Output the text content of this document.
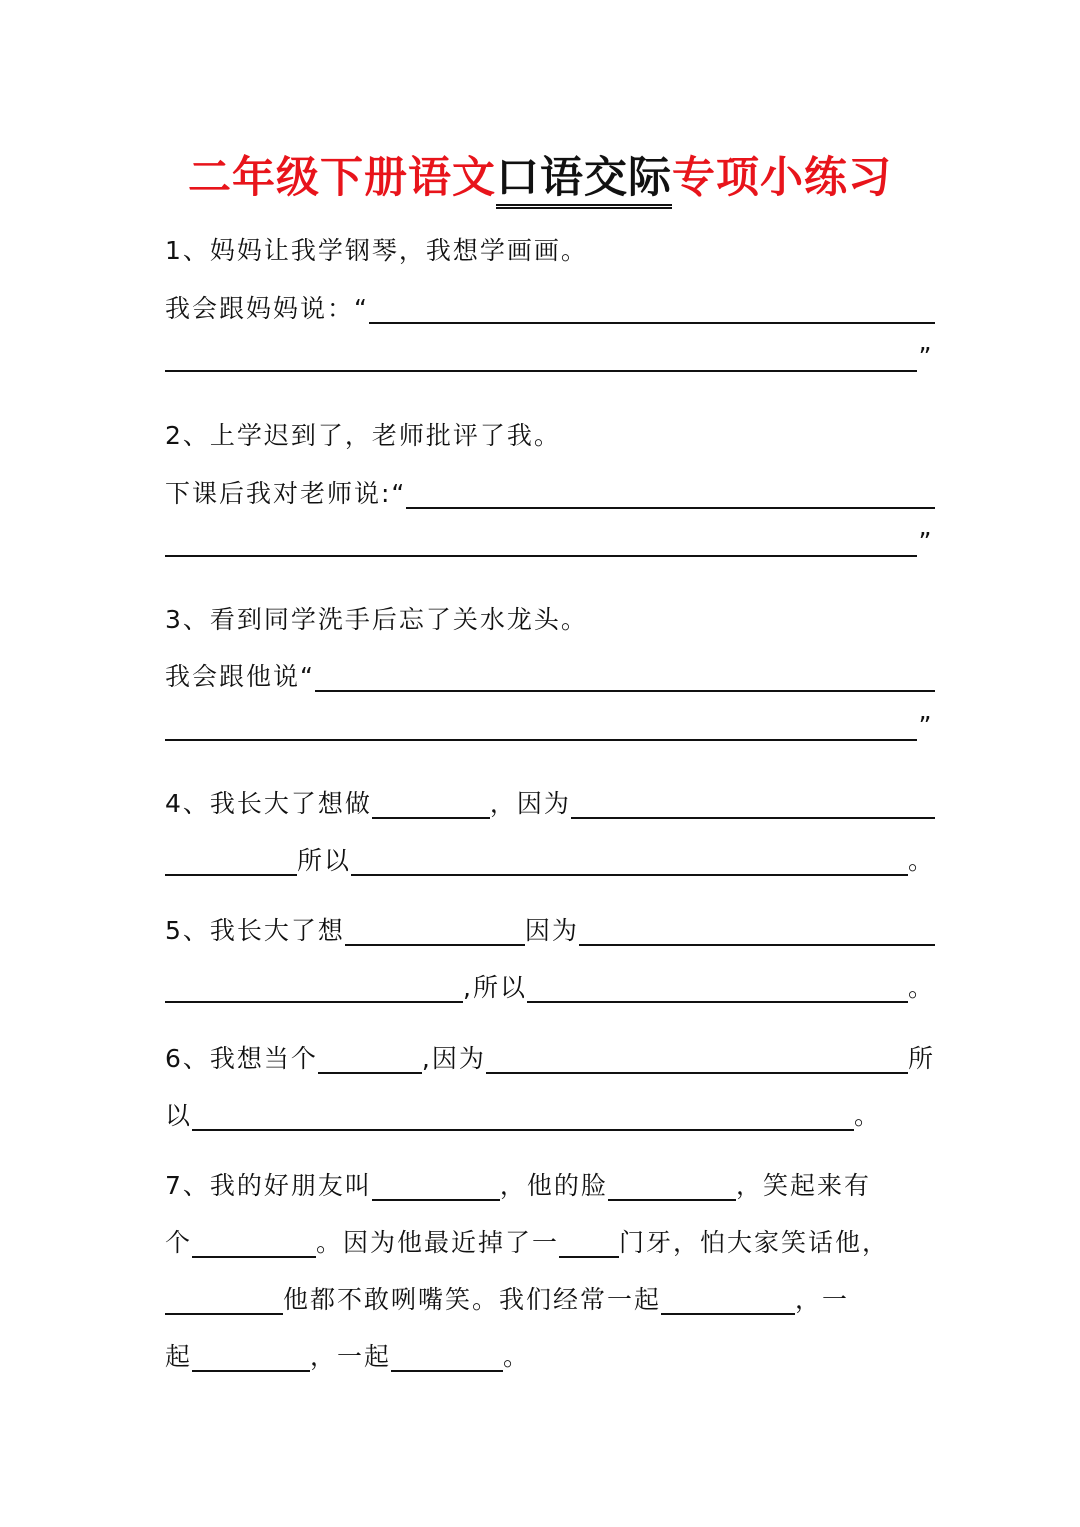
二年级下册语文口语交际专项小练习
1、妈妈让我学钢琴，我想学画画。
我会跟妈妈说：“
”
2、上学迟到了，老师批评了我。
下课后我对老师说:“
”
3、看到同学洗手后忘了关水龙头。
我会跟他说“
”
4、我长大了想做	，因为
所以	。
5、我长大了想	因为
,所以	。
6、我想当个	,因为	所
以	。
7、我的好朋友叫	，他的脸	，笑起来有
个	。因为他最近掉了一 门牙，怕大家笑话他，
他都不敢咧嘴笑。我们经常一起	，一
起	，一起	。
